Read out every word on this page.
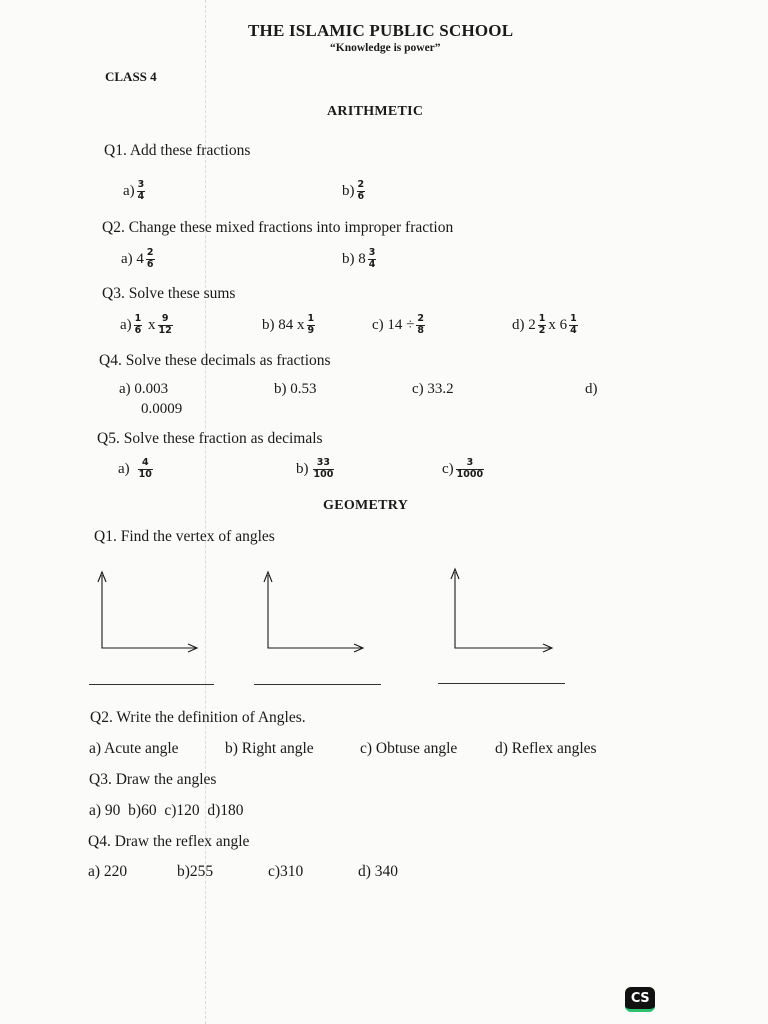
THE ISLAMIC PUBLIC SCHOOL
“Knowledge is power”
CLASS 4
ARITHMETIC
Q1. Add these fractions
$a) \frac{3}{4}$	$b) \frac{2}{6}$
Q2. Change these mixed fractions into improper fraction
a) $4 \frac{2}{6}$	b) $8 \frac{3}{4}$
Q3. Solve these sums
$a) \frac{1}{6}$ x $\frac{9}{12}$	b) 84 x $\frac{1}{9}$	c) $14 \div \frac{2}{8}$	d) $2 \frac{1}{2}$ x $6 \frac{1}{4}$
Q4. Solve these decimals as fractions
a) 0.003
0.0009
b) 0.53	c) 33.2	d)
Q5. Solve these fraction as decimals
$a) \frac{4}{10}$	$b) \frac{33}{100}$	$c) \frac{3}{1000}$
GEOMETRY
Q1. Find the vertex of angles
Q2. Write the definition of Angles.
a) Acute angle	b) Right angle	c) Obtuse angle d) Reflex angles
Q3. Draw the angles
a) 90  b)60  c)120  d)180
Q4. Draw the reflex angle
a) 220	b)255	c)310	d) 340
CS
